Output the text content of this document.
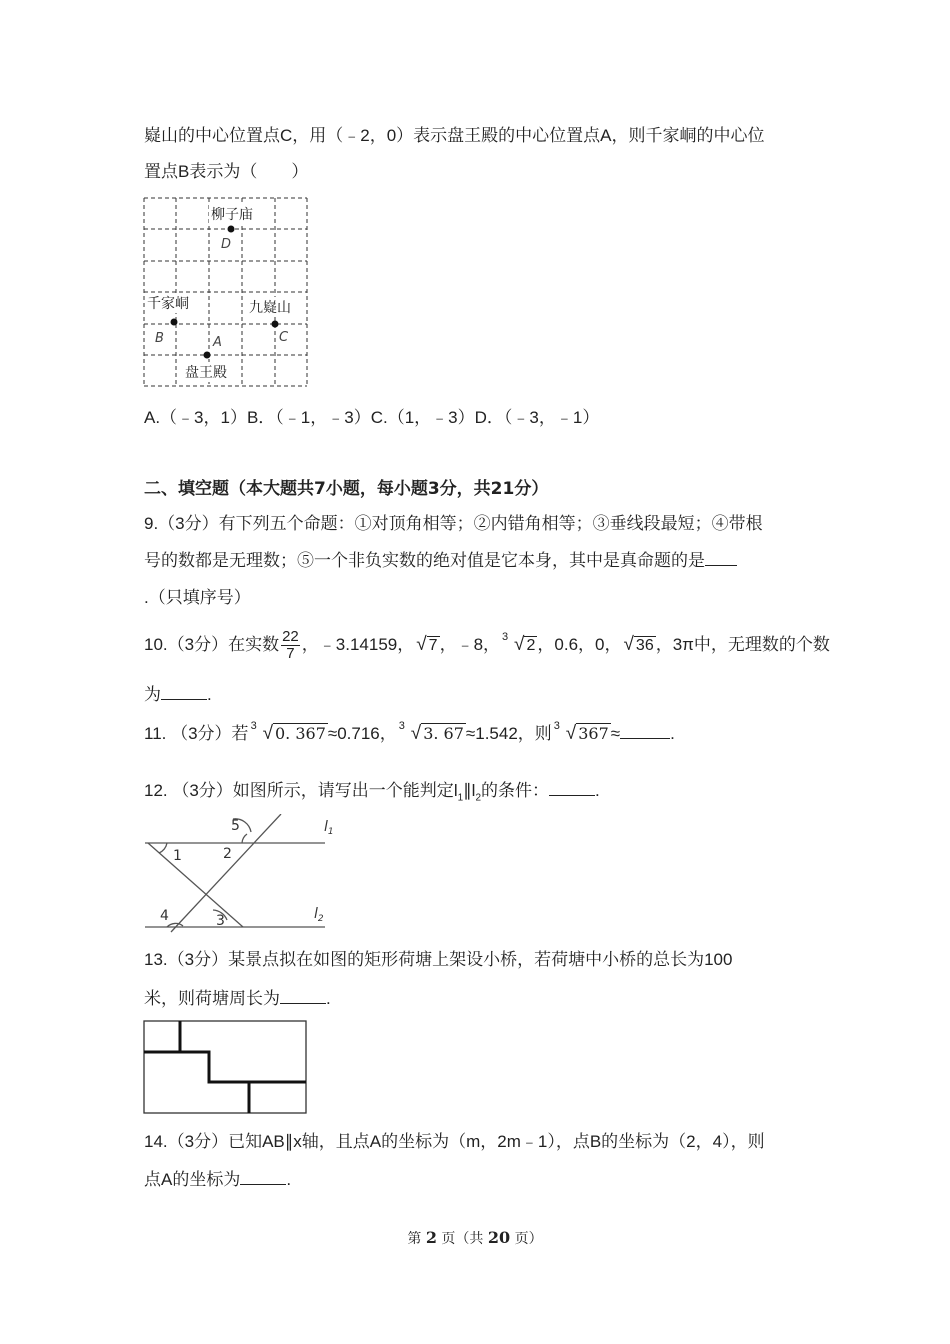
嶷山的中心位置点C，用（﹣2，0）表示盘王殿的中心位置点A，则千家峒的中心位
置点B表示为（　　）
柳子庙
D
千家峒
B
九嶷山
C
A
盘王殿
A.（﹣3，1）B．（﹣1，﹣3）C.（1，﹣3）D．（﹣3，﹣1）
二、填空题（本大题共7小题，每小题3分，共21分）
9.（3分）有下列五个命题：①对顶角相等；②内错角相等；③垂线段最短；④带根
号的数都是无理数；⑤一个非负实数的绝对值是它本身，其中是真命题的是
.（只填序号）
10.（3分）在实数 $\frac{22}{7}$ ，﹣3.14159， √ 7 ，﹣8， 3 √ 2 ，0.6，0， √ 36 ，3π中，无理数的个数
为	.
11. （3分）若 3 √ 0. 367 ≈0.716， 3 √ 3. 67 ≈1.542，则 3 √ 367 ≈	.
12. （3分）如图所示，请写出一个能判定$l_1\parallel l_2$的条件：	.
1	2
3
4
5	$l_1$
$l_2$
13.（3分）某景点拟在如图的矩形荷塘上架设小桥，若荷塘中小桥的总长为100
米，则荷塘周长为	.
14.（3分）已知AB∥x轴，且点A的坐标为（m，2m﹣1），点B的坐标为（2，4），则
点A的坐标为	.
第 2 页（共 20 页）
